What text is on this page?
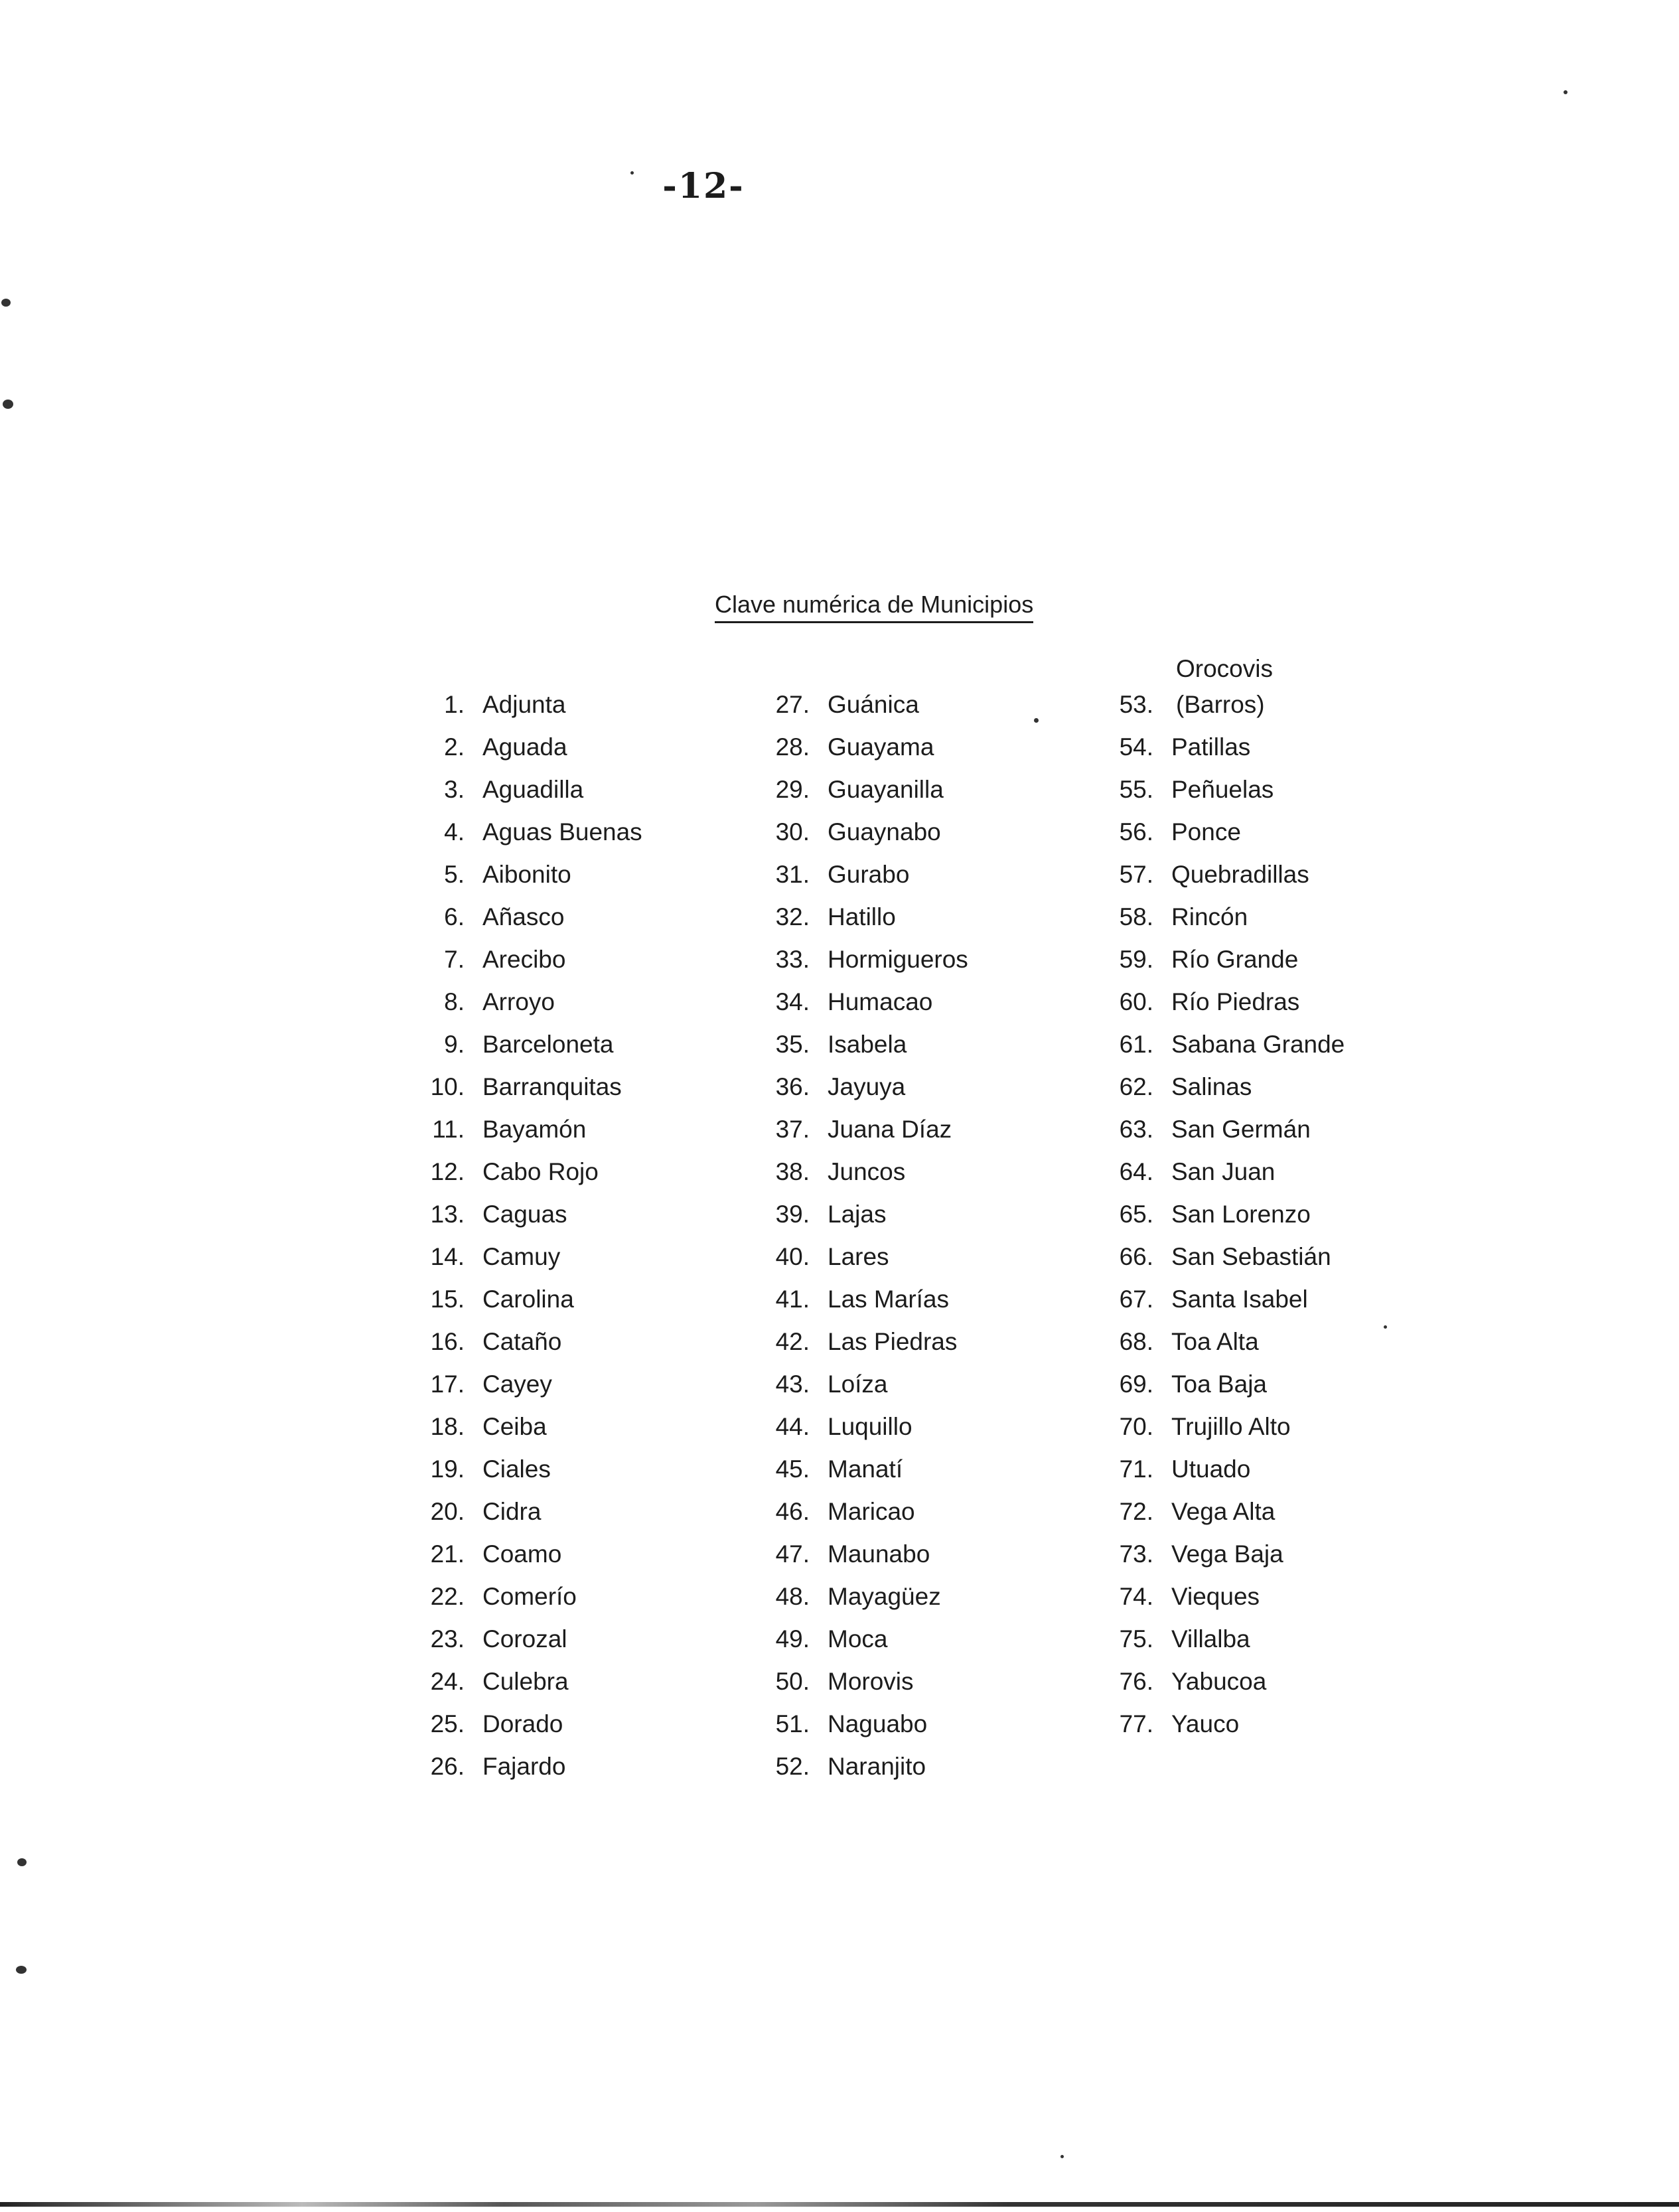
-12-
Clave numérica de Municipios
1. Adjunta
2. Aguada
3. Aguadilla
4. Aguas Buenas
5. Aibonito
6. Añasco
7. Arecibo
8. Arroyo
9. Barceloneta
10. Barranquitas
11. Bayamón
12. Cabo Rojo
13. Caguas
14. Camuy
15. Carolina
16. Cataño
17. Cayey
18. Ceiba
19. Ciales
20. Cidra
21. Coamo
22. Comerío
23. Corozal
24. Culebra
25. Dorado
26. Fajardo
27. Guánica
28. Guayama
29. Guayanilla
30. Guaynabo
31. Gurabo
32. Hatillo
33. Hormigueros
34. Humacao
35. Isabela
36. Jayuya
37. Juana Díaz
38. Juncos
39. Lajas
40. Lares
41. Las Marías
42. Las Piedras
43. Loíza
44. Luquillo
45. Manatí
46. Maricao
47. Maunabo
48. Mayagüez
49. Moca
50. Morovis
51. Naguabo
52. Naranjito
53.
Orocovis
(Barros)
54. Patillas
55. Peñuelas
56. Ponce
57. Quebradillas
58. Rincón
59. Río Grande
60. Río Piedras
61. Sabana Grande
62. Salinas
63. San Germán
64. San Juan
65. San Lorenzo
66. San Sebastián
67. Santa Isabel
68. Toa Alta
69. Toa Baja
70. Trujillo Alto
71. Utuado
72. Vega Alta
73. Vega Baja
74. Vieques
75. Villalba
76. Yabucoa
77. Yauco
